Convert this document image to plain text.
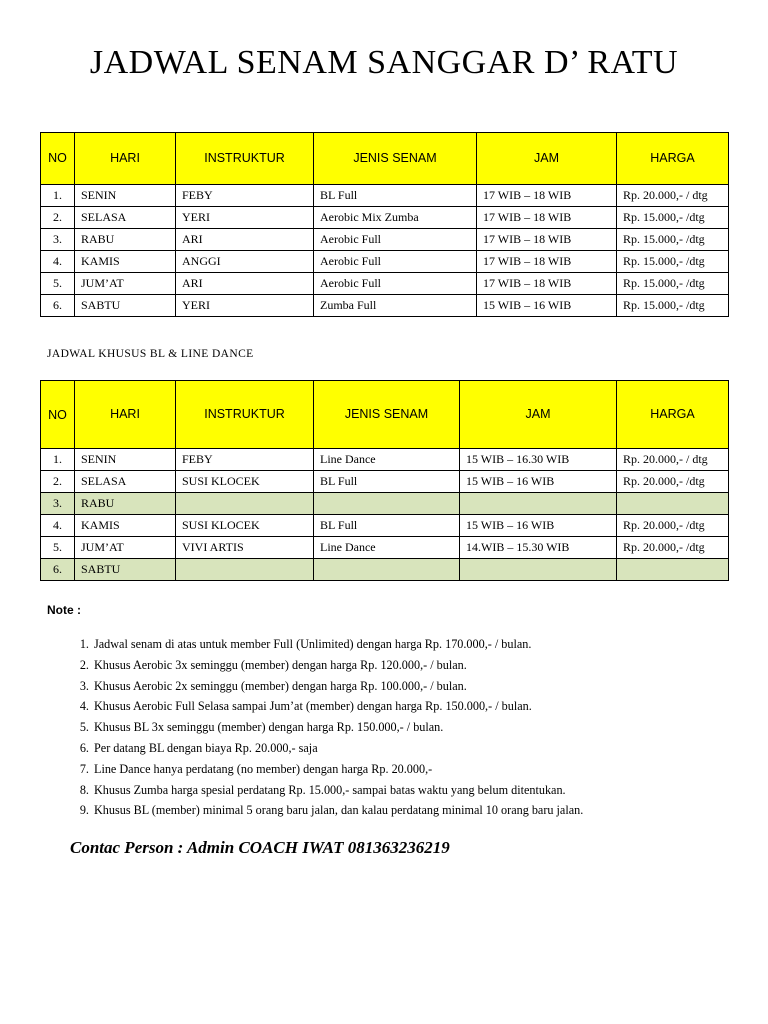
JADWAL SENAM SANGGAR D’ RATU
NO	HARI	INSTRUKTUR	JENIS SENAM	JAM	HARGA
1.	SENIN	FEBY	BL Full	17 WIB – 18 WIB	Rp. 20.000,- / dtg
2.	SELASA	YERI	Aerobic Mix Zumba	17 WIB – 18 WIB	Rp. 15.000,- /dtg
3.	RABU	ARI	Aerobic Full	17 WIB – 18 WIB	Rp. 15.000,- /dtg
4.	KAMIS	ANGGI	Aerobic Full	17 WIB – 18 WIB	Rp. 15.000,- /dtg
5.	JUM’AT	ARI	Aerobic Full	17 WIB – 18 WIB	Rp. 15.000,- /dtg
6.	SABTU	YERI	Zumba Full	15 WIB – 16 WIB	Rp. 15.000,- /dtg
JADWAL KHUSUS BL & LINE DANCE
NO	HARI	INSTRUKTUR	JENIS SENAM	JAM	HARGA
1.	SENIN	FEBY	Line Dance	15 WIB – 16.30 WIB	Rp. 20.000,- / dtg
2.	SELASA	SUSI KLOCEK	BL Full	15 WIB – 16 WIB	Rp. 20.000,- /dtg
3.	RABU				
4.	KAMIS	SUSI KLOCEK	BL Full	15 WIB – 16 WIB	Rp. 20.000,- /dtg
5.	JUM’AT	VIVI ARTIS	Line Dance	14.WIB – 15.30 WIB	Rp. 20.000,- /dtg
6.	SABTU				
Note :
1. Jadwal senam di atas untuk member Full (Unlimited) dengan harga Rp. 170.000,- / bulan.
2. Khusus Aerobic 3x seminggu (member) dengan harga Rp. 120.000,- / bulan.
3. Khusus Aerobic 2x seminggu (member) dengan harga Rp. 100.000,- / bulan.
4. Khusus Aerobic Full Selasa sampai Jum’at (member) dengan harga Rp. 150.000,- / bulan.
5. Khusus BL 3x seminggu (member) dengan harga Rp. 150.000,- / bulan.
6. Per datang BL dengan biaya Rp. 20.000,- saja
7. Line Dance hanya perdatang (no member) dengan harga Rp. 20.000,-
8. Khusus Zumba harga spesial perdatang Rp. 15.000,- sampai batas waktu yang belum ditentukan.
9. Khusus BL (member) minimal 5 orang baru jalan, dan kalau perdatang minimal 10 orang baru jalan.
Contac Person : Admin COACH IWAT 081363236219
